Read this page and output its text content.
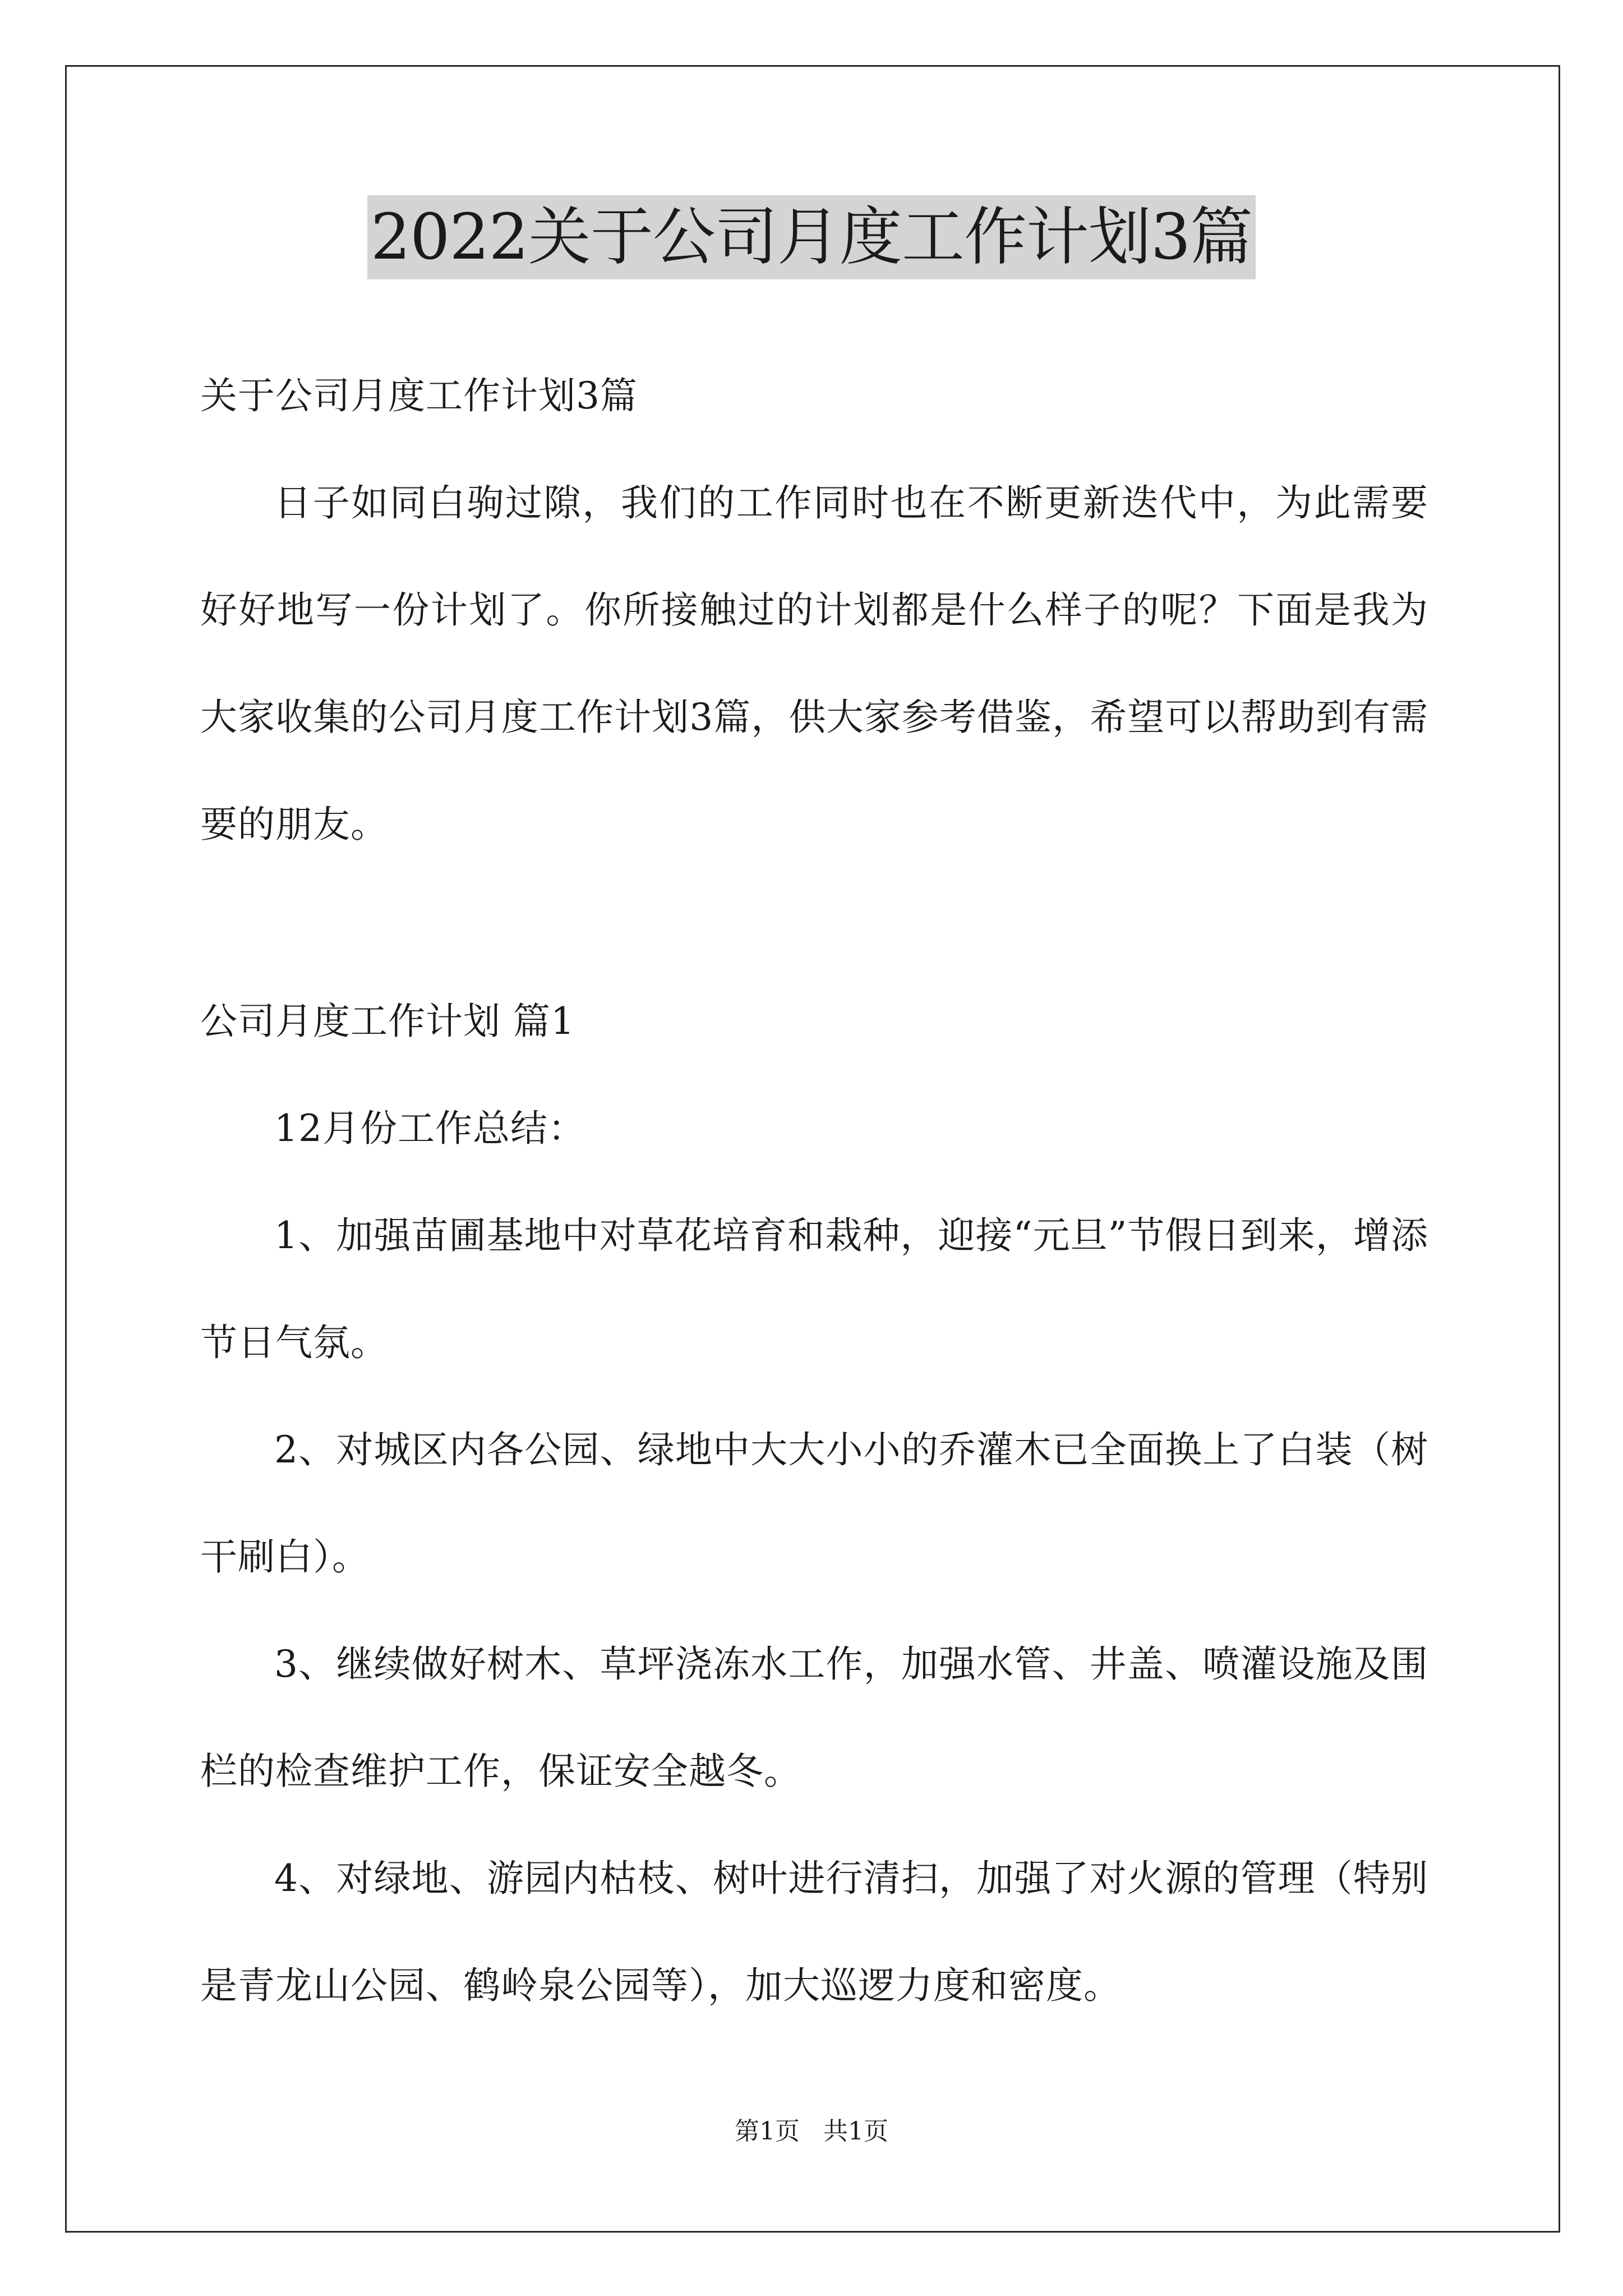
2022关于公司月度工作计划3篇

关于公司月度工作计划3篇

日子如同白驹过隙，我们的工作同时也在不断更新迭代中，为此需要好好地写一份计划了。你所接触过的计划都是什么样子的呢？下面是我为大家收集的公司月度工作计划3篇，供大家参考借鉴，希望可以帮助到有需要的朋友。

公司月度工作计划 篇1

12月份工作总结：

1、加强苗圃基地中对草花培育和栽种，迎接“元旦”节假日到来，增添节日气氛。

2、对城区内各公园、绿地中大大小小的乔灌木已全面换上了白装（树干刷白）。

3、继续做好树木、草坪浇冻水工作，加强水管、井盖、喷灌设施及围栏的检查维护工作，保证安全越冬。

4、对绿地、游园内枯枝、树叶进行清扫，加强了对火源的管理（特别是青龙山公园、鹤岭泉公园等），加大巡逻力度和密度。

第1页   共1页
